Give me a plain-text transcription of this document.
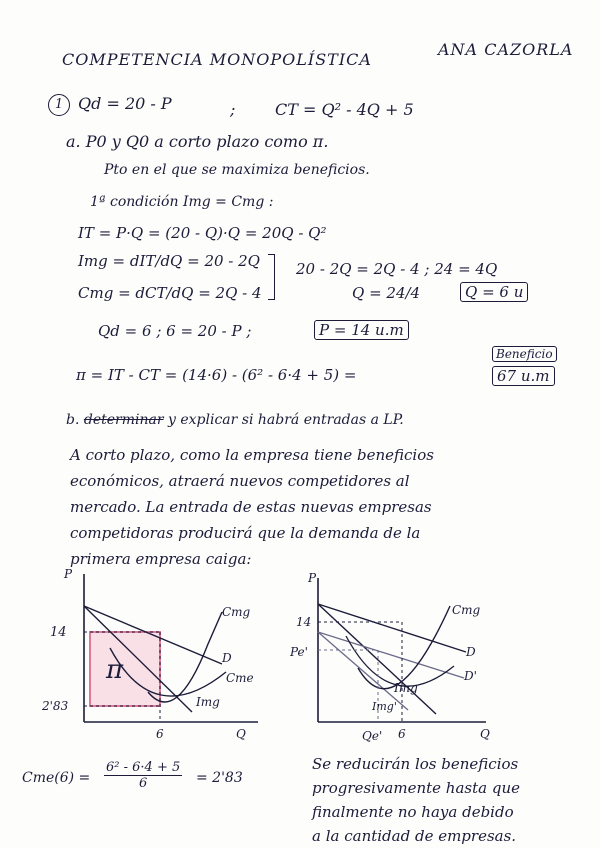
COMPETENCIA MONOPOLÍSTICA
ANA CAZORLA
1 Qd = 20 - P	; CT = Q² - 4Q + 5
a. P0 y Q0 a corto plazo como π.
Pto en el que se maximiza beneficios.
1ª condición Img = Cmg :
IT = P·Q = (20 - Q)·Q = 20Q - Q²
Img = dIT/dQ = 20 - 2Q
Cmg = dCT/dQ = 2Q - 4
20 - 2Q = 2Q - 4 ; 24 = 4Q
Q = 24/4	Q = 6 u
Qd = 6 ; 6 = 20 - P ;	P = 14 u.m
π = IT - CT = (14·6) - (6² - 6·4 + 5) =
Beneficio
67 u.m
b. determinar y explicar si habrá entradas a LP.
A corto plazo, como la empresa tiene beneficios
económicos, atraerá nuevos competidores al
mercado. La entrada de estas nuevas empresas
competidoras producirá que la demanda de la
primera empresa caiga:
π
P
Q
14
2'83
6
Cmg
D
Cme
Img
P
Q
14
Pe'
Qe' 6
Cmg
D
D'
Img
Img'
$Cme(6) = \frac{\text{6² - 6·4 + 5}}{6} = 2'83$
Se reducirán los beneficios
progresivamente hasta que
finalmente no haya debido
a la cantidad de empresas.
